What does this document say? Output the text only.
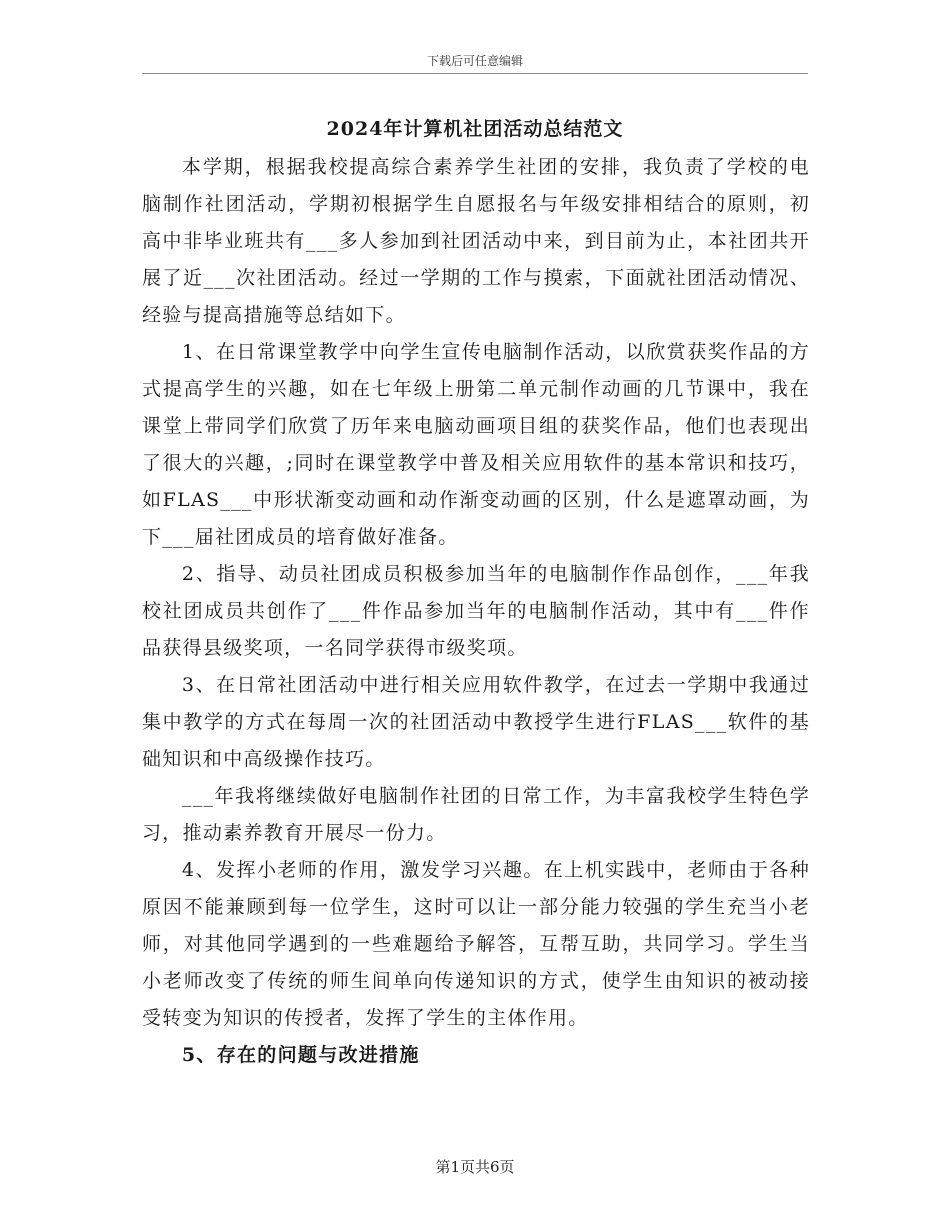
下载后可任意编辑
2024年计算机社团活动总结范文

本学期，根据我校提高综合素养学生社团的安排，我负责了学校的电脑制作社团活动，学期初根据学生自愿报名与年级安排相结合的原则，初高中非毕业班共有___多人参加到社团活动中来，到目前为止，本社团共开展了近___次社团活动。经过一学期的工作与摸索，下面就社团活动情况、经验与提高措施等总结如下。

1、在日常课堂教学中向学生宣传电脑制作活动，以欣赏获奖作品的方式提高学生的兴趣，如在七年级上册第二单元制作动画的几节课中，我在课堂上带同学们欣赏了历年来电脑动画项目组的获奖作品，他们也表现出了很大的兴趣，;同时在课堂教学中普及相关应用软件的基本常识和技巧，如FLAS___中形状渐变动画和动作渐变动画的区别，什么是遮罩动画，为下___届社团成员的培育做好准备。

2、指导、动员社团成员积极参加当年的电脑制作作品创作，___年我校社团成员共创作了___件作品参加当年的电脑制作活动，其中有___件作品获得县级奖项，一名同学获得市级奖项。

3、在日常社团活动中进行相关应用软件教学，在过去一学期中我通过集中教学的方式在每周一次的社团活动中教授学生进行FLAS___软件的基础知识和中高级操作技巧。

___年我将继续做好电脑制作社团的日常工作，为丰富我校学生特色学习，推动素养教育开展尽一份力。

4、发挥小老师的作用，激发学习兴趣。在上机实践中，老师由于各种原因不能兼顾到每一位学生，这时可以让一部分能力较强的学生充当小老师，对其他同学遇到的一些难题给予解答，互帮互助，共同学习。学生当小老师改变了传统的师生间单向传递知识的方式，使学生由知识的被动接受转变为知识的传授者，发挥了学生的主体作用。

5、存在的问题与改进措施

第1页共6页
